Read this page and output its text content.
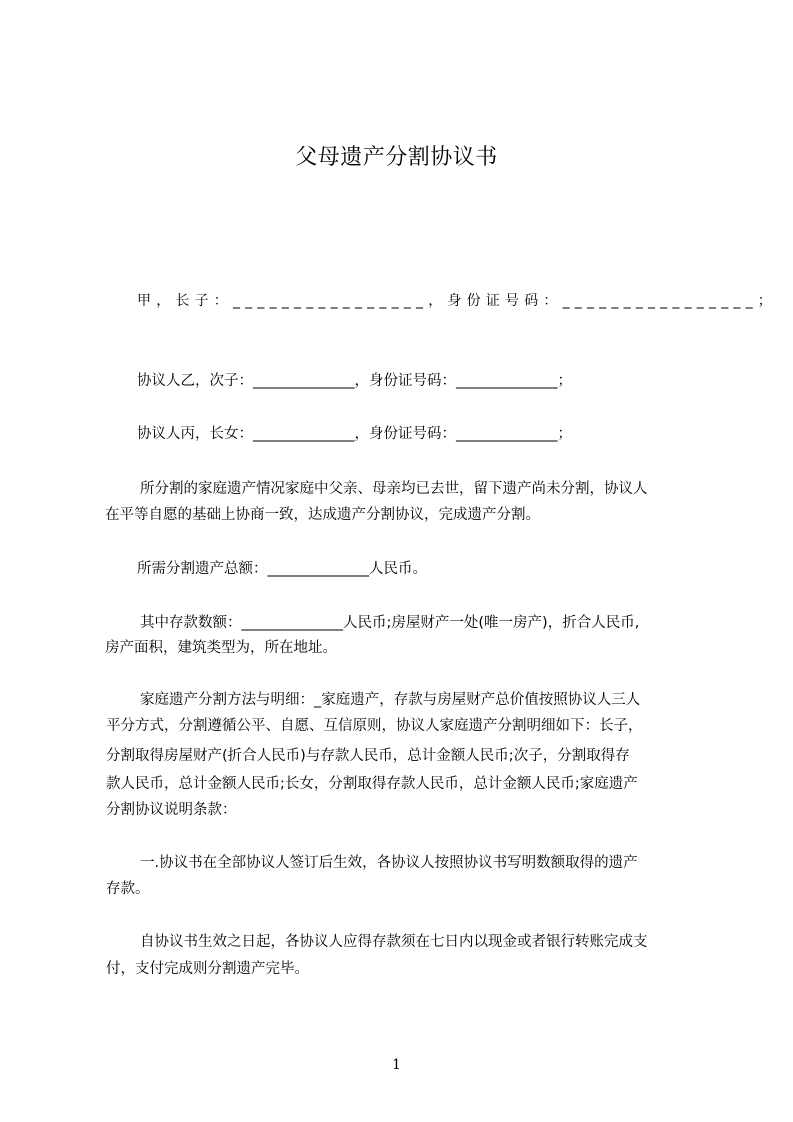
父母遗产分割协议书
甲，长子：________________，身份证号码：________________；
协议人乙，次子：______________，身份证号码：______________；
协议人丙，长女：______________，身份证号码：______________；
所分割的家庭遗产情况家庭中父亲、母亲均已去世，留下遗产尚未分割，协议人
在平等自愿的基础上协商一致，达成遗产分割协议，完成遗产分割。
所需分割遗产总额：______________人民币。
其中存款数额：______________人民币;房屋财产一处(唯一房产)，折合人民币,
房产面积，建筑类型为，所在地址。
家庭遗产分割方法与明细：_家庭遗产，存款与房屋财产总价值按照协议人三人
平分方式，分割遵循公平、自愿、互信原则，协议人家庭遗产分割明细如下：长子，
分割取得房屋财产(折合人民币)与存款人民币，总计金额人民币;次子，分割取得存
款人民币，总计金额人民币;长女，分割取得存款人民币，总计金额人民币;家庭遗产
分割协议说明条款：
一.协议书在全部协议人签订后生效，各协议人按照协议书写明数额取得的遗产
存款。
自协议书生效之日起，各协议人应得存款须在七日内以现金或者银行转账完成支
付，支付完成则分割遗产完毕。
1
